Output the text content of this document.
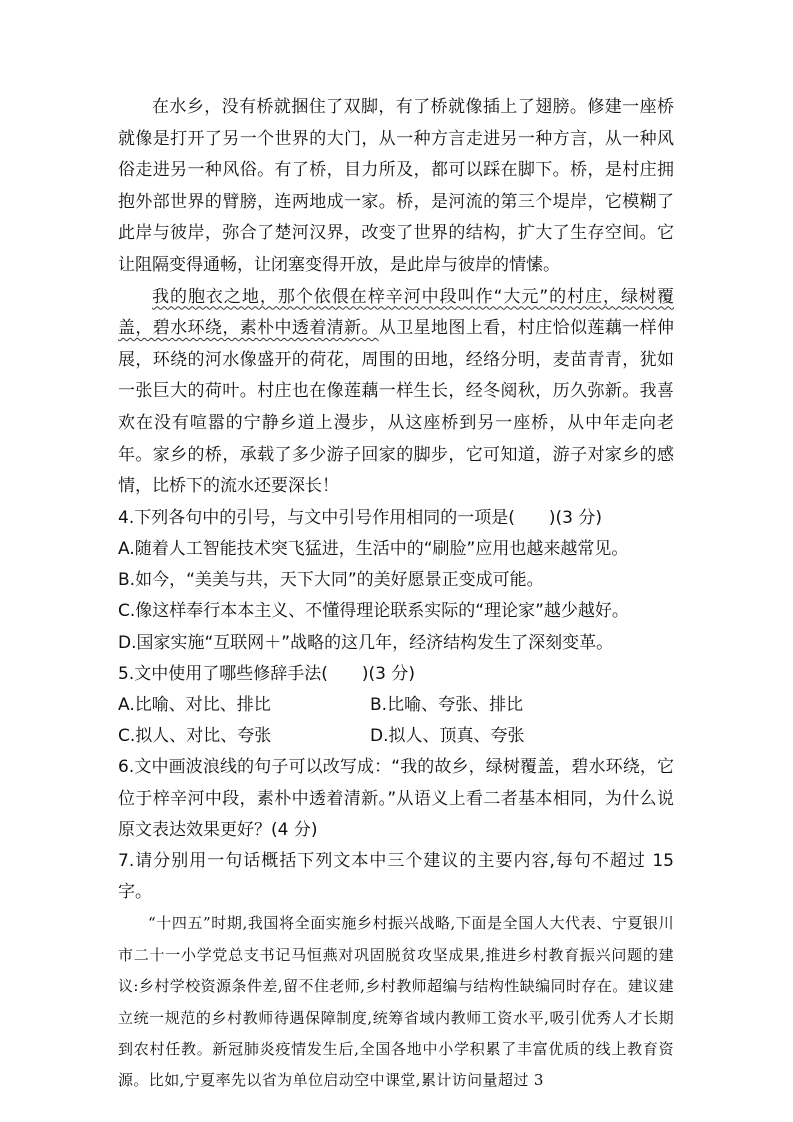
在水乡，没有桥就捆住了双脚，有了桥就像插上了翅膀。修建一座桥就像是打开了另一个世界的大门，从一种方言走进另一种方言，从一种风俗走进另一种风俗。有了桥，目力所及，都可以踩在脚下。桥，是村庄拥抱外部世界的臂膀，连两地成一家。桥，是河流的第三个堤岸，它模糊了此岸与彼岸，弥合了楚河汉界，改变了世界的结构，扩大了生存空间。它让阻隔变得通畅，让闭塞变得开放，是此岸与彼岸的情愫。

我的胞衣之地，那个依偎在梓辛河中段叫作“大元”的村庄，绿树覆盖，碧水环绕，素朴中透着清新。从卫星地图上看，村庄恰似莲藕一样伸展，环绕的河水像盛开的荷花，周围的田地，经络分明，麦苗青青，犹如一张巨大的荷叶。村庄也在像莲藕一样生长，经冬阅秋，历久弥新。我喜欢在没有喧嚣的宁静乡道上漫步，从这座桥到另一座桥，从中年走向老年。家乡的桥，承载了多少游子回家的脚步，它可知道，游子对家乡的感情，比桥下的流水还要深长！

4.下列各句中的引号，与文中引号作用相同的一项是(　　)(3 分)

A.随着人工智能技术突飞猛进，生活中的“刷脸”应用也越来越常见。

B.如今，“美美与共，天下大同”的美好愿景正变成可能。

C.像这样奉行本本主义、不懂得理论联系实际的“理论家”越少越好。

D.国家实施“互联网＋”战略的这几年，经济结构发生了深刻变革。

5.文中使用了哪些修辞手法(　　)(3 分)

A.比喻、对比、排比	B.比喻、夸张、排比
C.拟人、对比、夸张	D.拟人、顶真、夸张

6.文中画波浪线的句子可以改写成：“我的故乡，绿树覆盖，碧水环绕，它位于梓辛河中段，素朴中透着清新。”从语义上看二者基本相同，为什么说原文表达效果更好？(4 分)

7.请分别用一句话概括下列文本中三个建议的主要内容,每句不超过 15 字。

“十四五”时期,我国将全面实施乡村振兴战略,下面是全国人大代表、宁夏银川市二十一小学党总支书记马恒燕对巩固脱贫攻坚成果,推进乡村教育振兴问题的建议:乡村学校资源条件差,留不住老师,乡村教师超编与结构性缺编同时存在。建议建立统一规范的乡村教师待遇保障制度,统筹省域内教师工资水平,吸引优秀人才长期到农村任教。新冠肺炎疫情发生后,全国各地中小学积累了丰富优质的线上教育资源。比如,宁夏率先以省为单位启动空中课堂,累计访问量超过 3
